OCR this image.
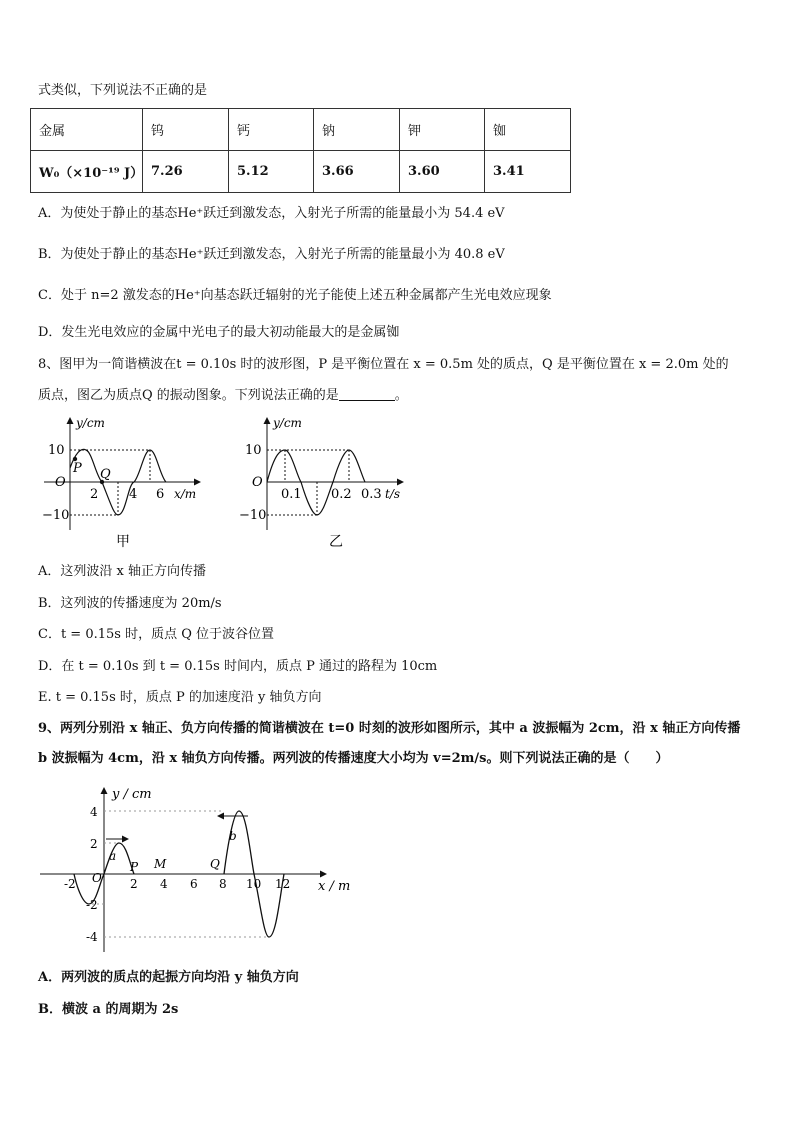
式类似，下列说法不正确的是
金属	钨	钙	钠	钾	铷
W₀（×10⁻¹⁹ J）	7.26	5.12	3.66	3.60	3.41
A．为使处于静止的基态He⁺跃迁到激发态，入射光子所需的能量最小为 54.4 eV
B．为使处于静止的基态He⁺跃迁到激发态，入射光子所需的能量最小为 40.8 eV
C．处于 n=2 激发态的He⁺向基态跃迁辐射的光子能使上述五种金属都产生光电效应现象
D．发生光电效应的金属中光电子的最大初动能最大的是金属铷
8、图甲为一简谐横波在t = 0.10s 时的波形图，P 是平衡位置在 x = 0.5m 处的质点，Q 是平衡位置在 x = 2.0m 处的
质点，图乙为质点Q 的振动图象。下列说法正确的是	。
y/cm
10
−10
O
P Q
2 4 6 x/m
甲
y/cm
10
−10
O
0.1 0.2 0.3 t/s
乙
A．这列波沿 x 轴正方向传播
B．这列波的传播速度为 20m/s
C．t = 0.15s 时，质点 Q 位于波谷位置
D．在 t = 0.10s 到 t = 0.15s 时间内，质点 P 通过的路程为 10cm
E. t = 0.15s 时，质点 P 的加速度沿 y 轴负方向
9、两列分别沿 x 轴正、负方向传播的简谐横波在 t=0 时刻的波形如图所示，其中 a 波振幅为 2cm，沿 x 轴正方向传播
b 波振幅为 4cm，沿 x 轴负方向传播。两列波的传播速度大小均为 v=2m/s。则下列说法正确的是（　　）
y / cm
4
2
-2
-4
-2 O 2 4 6 8 10 12 x / m
a
b
P M	Q
A．两列波的质点的起振方向均沿 y 轴负方向
B．横波 a 的周期为 2s
